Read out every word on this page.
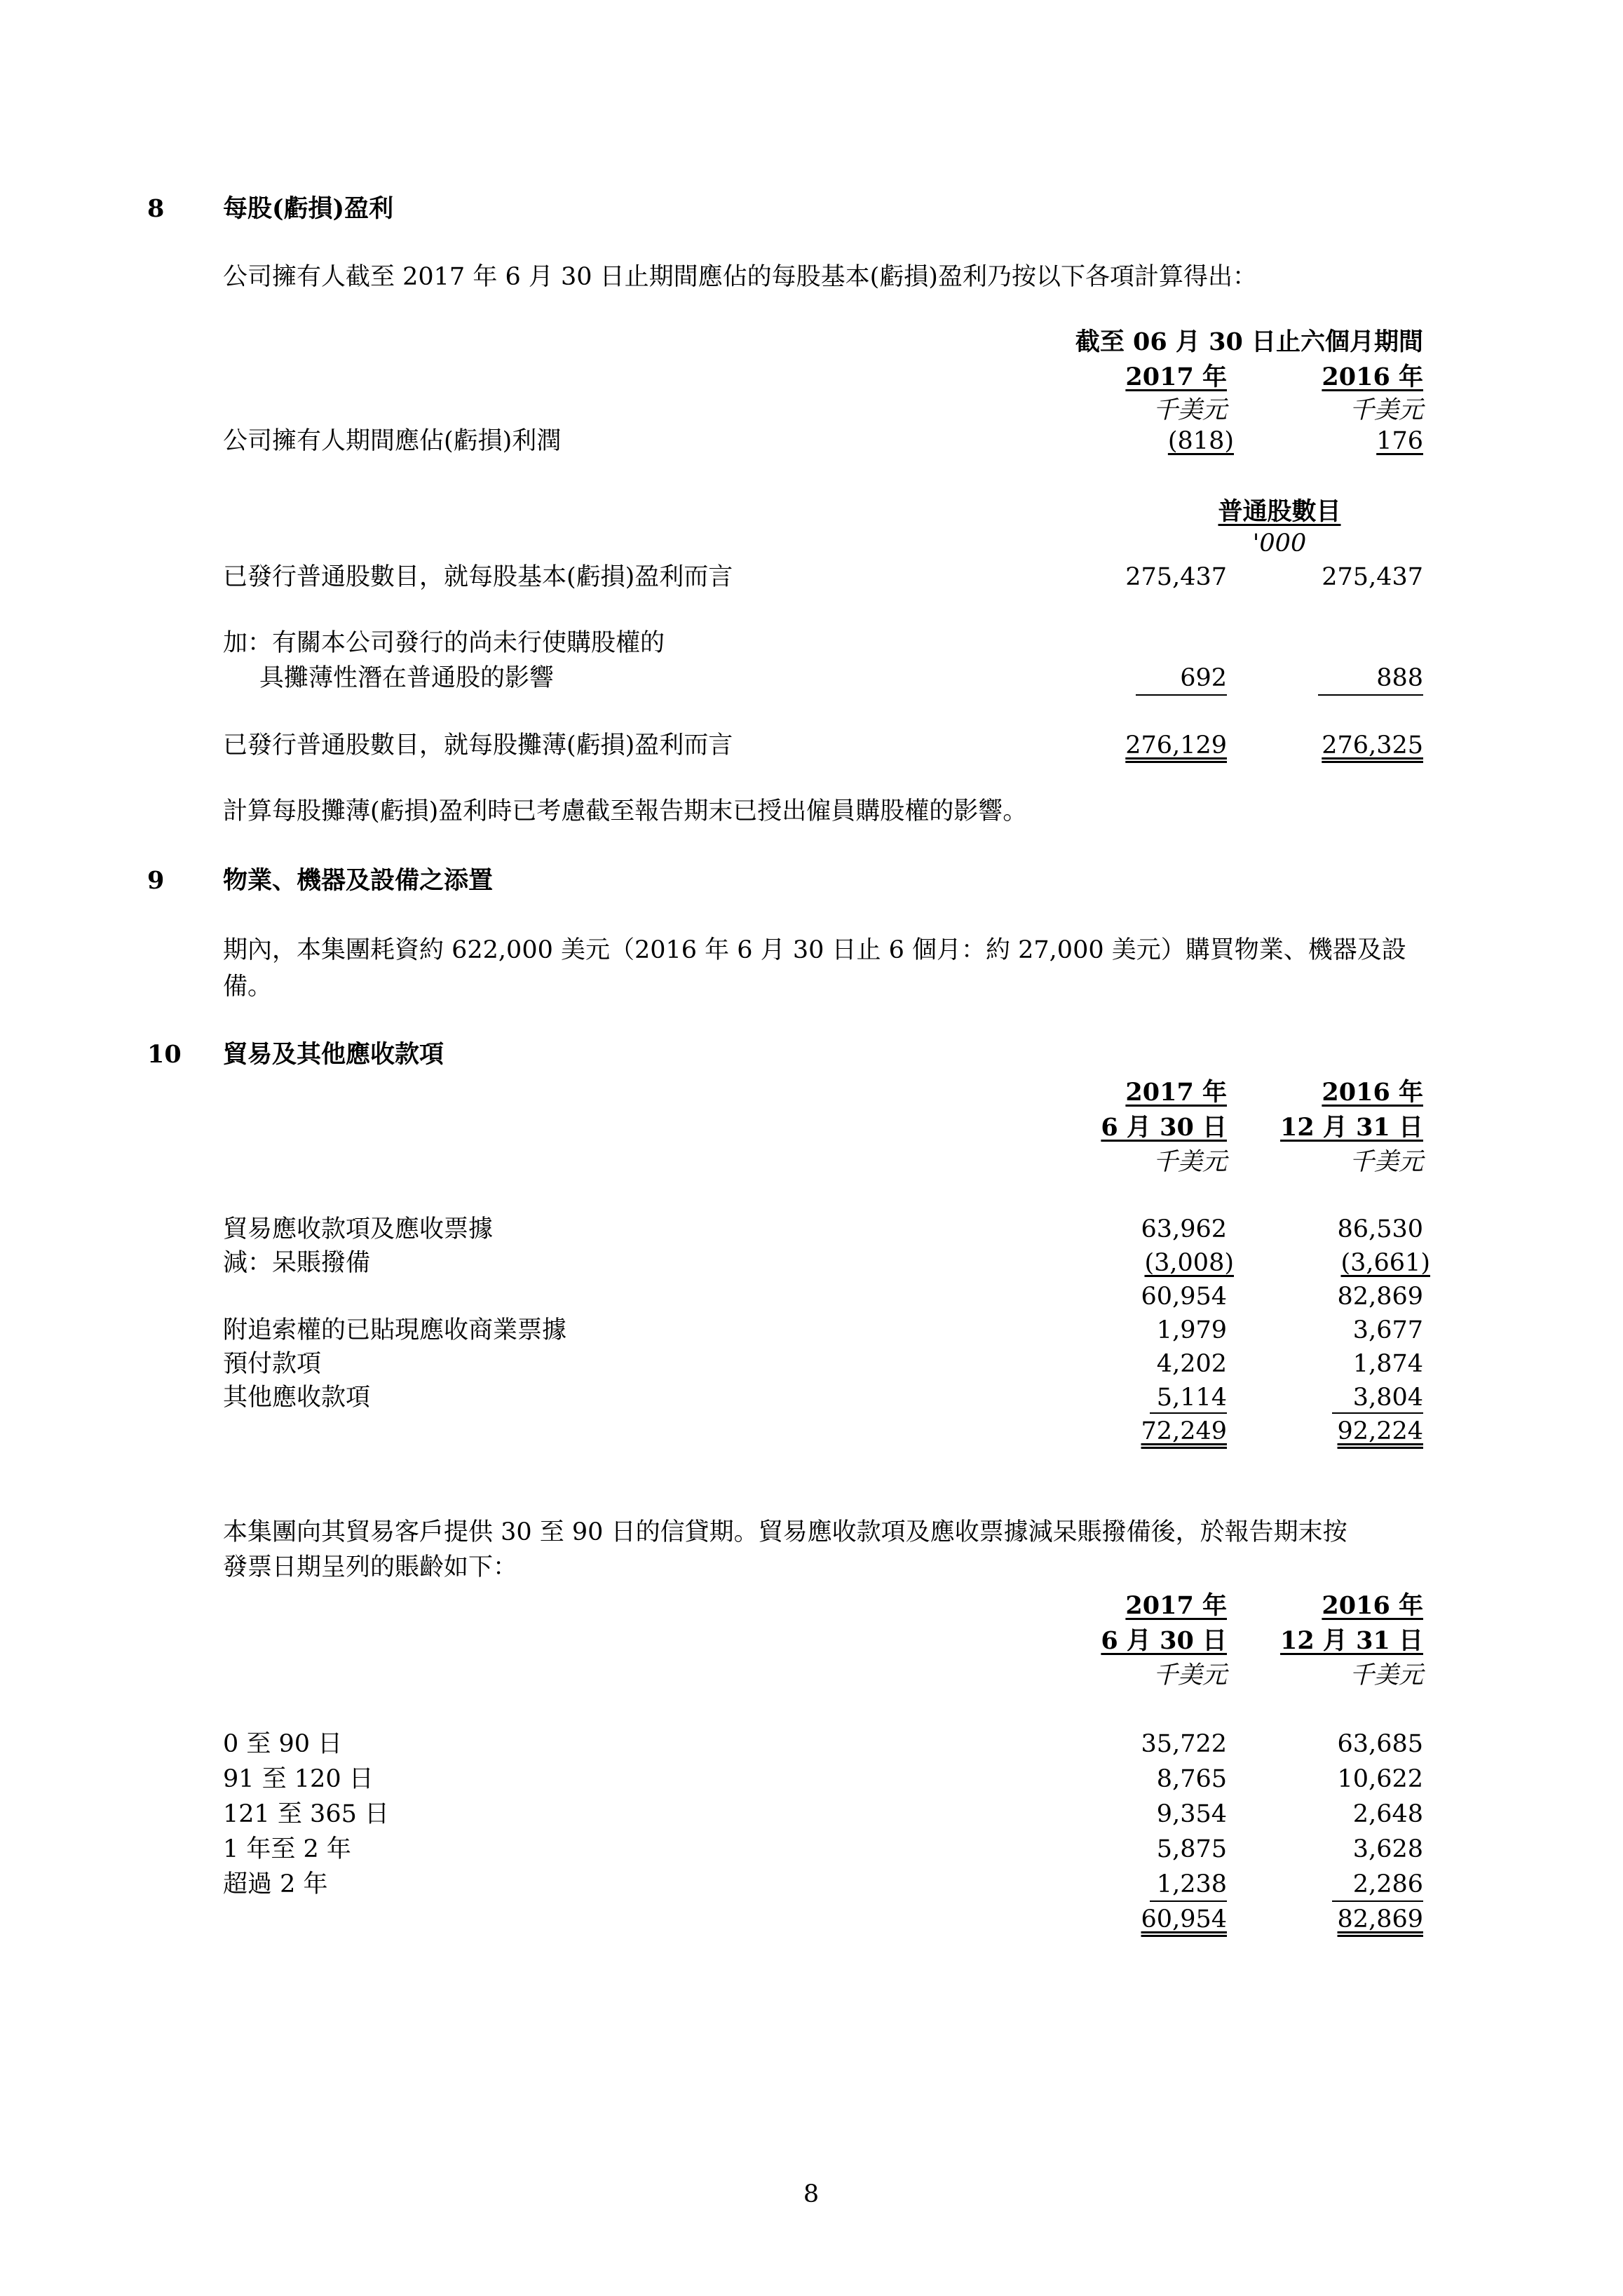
8 每股(虧損)盈利
公司擁有人截至 2017 年 6 月 30 日止期間應佔的每股基本(虧損)盈利乃按以下各項計算得出：
截至 06 月 30 日止六個月期間
2017 年	2016 年
千美元	千美元
公司擁有人期間應佔(虧損)利潤	(818)	176
普通股數目
'000
已發行普通股數目，就每股基本(虧損)盈利而言	275,437	275,437
加：有關本公司發行的尚未行使購股權的
具攤薄性潛在普通股的影響	692	888
已發行普通股數目，就每股攤薄(虧損)盈利而言	276,129	276,325
計算每股攤薄(虧損)盈利時已考慮截至報告期末已授出僱員購股權的影響。
9 物業、機器及設備之添置
期內，本集團耗資約 622,000 美元（2016 年 6 月 30 日止 6 個月：約 27,000 美元）購買物業、機器及設
備。
10 貿易及其他應收款項
2017 年	2016 年
6 月 30 日 12 月 31 日
千美元	千美元
貿易應收款項及應收票據	63,962	86,530
減：呆賬撥備	(3,008)	(3,661)
60,954	82,869
附追索權的已貼現應收商業票據	1,979	3,677
預付款項	4,202	1,874
其他應收款項	5,114	3,804
72,249	92,224
本集團向其貿易客戶提供 30 至 90 日的信貸期。貿易應收款項及應收票據減呆賬撥備後，於報告期末按
發票日期呈列的賬齡如下：
2017 年	2016 年
6 月 30 日 12 月 31 日
千美元	千美元
0 至 90 日	35,722	63,685
91 至 120 日	8,765	10,622
121 至 365 日	9,354	2,648
1 年至 2 年	5,875	3,628
超過 2 年	1,238	2,286
60,954	82,869
8
